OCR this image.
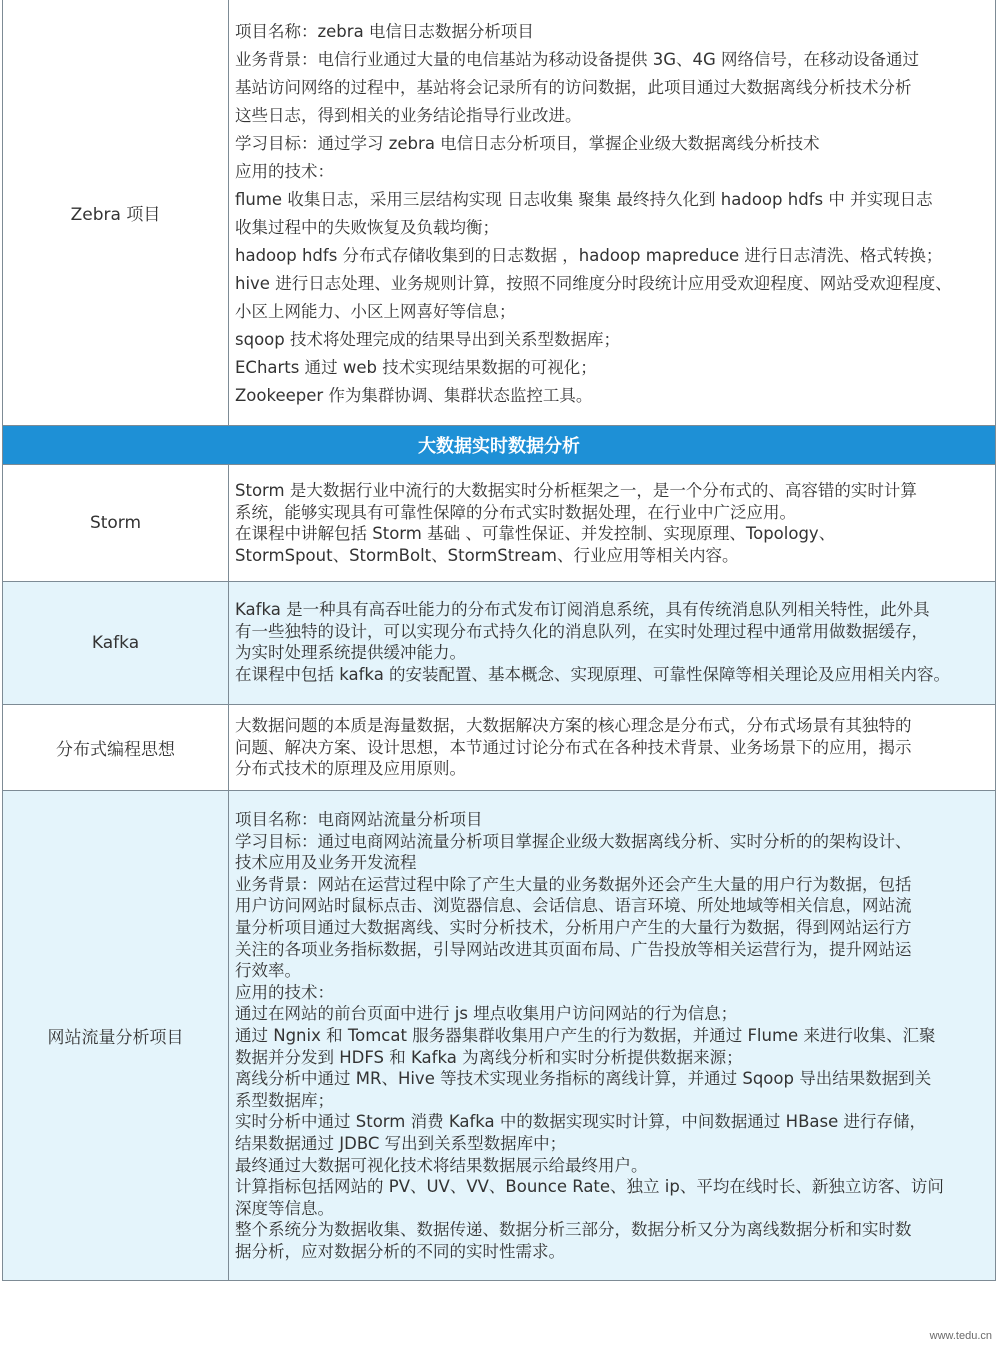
Zebra 项目

项目名称：zebra 电信日志数据分析项目
业务背景：电信行业通过大量的电信基站为移动设备提供 3G、4G 网络信号，在移动设备通过
基站访问网络的过程中，基站将会记录所有的访问数据，此项目通过大数据离线分析技术分析
这些日志，得到相关的业务结论指导行业改进。
学习目标：通过学习 zebra 电信日志分析项目，掌握企业级大数据离线分析技术
应用的技术：
flume 收集日志，采用三层结构实现 日志收集 聚集 最终持久化到 hadoop hdfs 中 并实现日志
收集过程中的失败恢复及负载均衡；
hadoop hdfs 分布式存储收集到的日志数据 ，hadoop mapreduce 进行日志清洗、格式转换；
hive 进行日志处理、业务规则计算，按照不同维度分时段统计应用受欢迎程度、网站受欢迎程度、
小区上网能力、小区上网喜好等信息；
sqoop 技术将处理完成的结果导出到关系型数据库；
ECharts 通过 web 技术实现结果数据的可视化；
Zookeeper 作为集群协调、集群状态监控工具。

大数据实时数据分析
Storm

Storm 是大数据行业中流行的大数据实时分析框架之一，是一个分布式的、高容错的实时计算
系统，能够实现具有可靠性保障的分布式实时数据处理，在行业中广泛应用。
在课程中讲解包括 Storm 基础 、可靠性保证、并发控制、实现原理、Topology、
StormSpout、StormBolt、StormStream、行业应用等相关内容。

Kafka

Kafka 是一种具有高吞吐能力的分布式发布订阅消息系统，具有传统消息队列相关特性，此外具
有一些独特的设计，可以实现分布式持久化的消息队列，在实时处理过程中通常用做数据缓存，
为实时处理系统提供缓冲能力。
在课程中包括 kafka 的安装配置、基本概念、实现原理、可靠性保障等相关理论及应用相关内容。

分布式编程思想

大数据问题的本质是海量数据，大数据解决方案的核心理念是分布式，分布式场景有其独特的
问题、解决方案、设计思想，本节通过讨论分布式在各种技术背景、业务场景下的应用，揭示
分布式技术的原理及应用原则。

网站流量分析项目

项目名称：电商网站流量分析项目
学习目标：通过电商网站流量分析项目掌握企业级大数据离线分析、实时分析的的架构设计、
技术应用及业务开发流程
业务背景：网站在运营过程中除了产生大量的业务数据外还会产生大量的用户行为数据，包括
用户访问网站时鼠标点击、浏览器信息、会话信息、语言环境、所处地域等相关信息，网站流
量分析项目通过大数据离线、实时分析技术，分析用户产生的大量行为数据，得到网站运行方
关注的各项业务指标数据，引导网站改进其页面布局、广告投放等相关运营行为，提升网站运
行效率。
应用的技术：
通过在网站的前台页面中进行 js 埋点收集用户访问网站的行为信息；
通过 Ngnix 和 Tomcat 服务器集群收集用户产生的行为数据，并通过 Flume 来进行收集、汇聚
数据并分发到 HDFS 和 Kafka 为离线分析和实时分析提供数据来源；
离线分析中通过 MR、Hive 等技术实现业务指标的离线计算，并通过 Sqoop 导出结果数据到关
系型数据库；
实时分析中通过 Storm 消费 Kafka 中的数据实现实时计算，中间数据通过 HBase 进行存储，
结果数据通过 JDBC 写出到关系型数据库中；
最终通过大数据可视化技术将结果数据展示给最终用户。
计算指标包括网站的 PV、UV、VV、Bounce Rate、独立 ip、平均在线时长、新独立访客、访问
深度等信息。
整个系统分为数据收集、数据传递、数据分析三部分，数据分析又分为离线数据分析和实时数
据分析，应对数据分析的不同的实时性需求。

www.tedu.cn
